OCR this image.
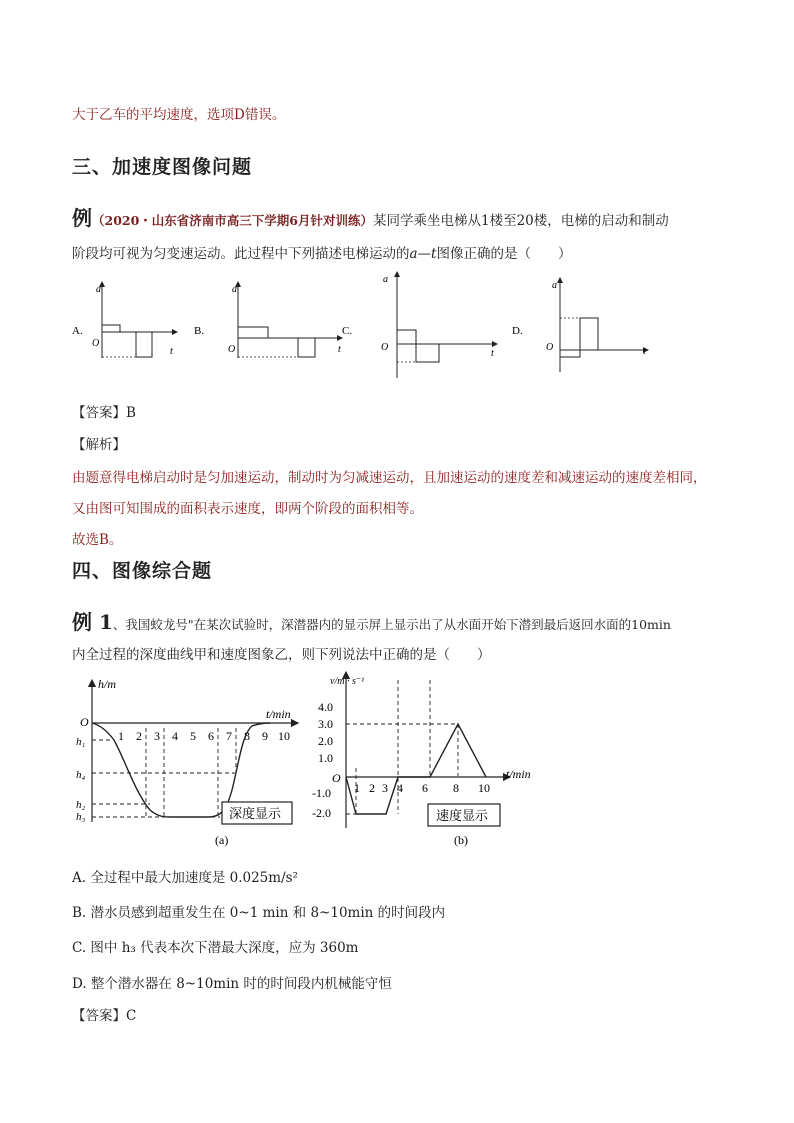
大于乙车的平均速度，选项D错误。
三、加速度图像问题
例（2020・山东省济南市高三下学期6月针对训练）某同学乘坐电梯从1楼至20楼，电梯的启动和制动
阶段均可视为匀变速运动。此过程中下列描述电梯运动的a—t图像正确的是（　　）
A.
a
O
t
B.
a
O	t
C.
a
O
t
D.
a
O	t
【答案】B
【解析】
由题意得电梯启动时是匀加速运动，制动时为匀减速运动，且加速运动的速度差和减速运动的速度差相同，
又由图可知围成的面积表示速度，即两个阶段的面积相等。
故选B。
四、图像综合题
例 1、我国蛟龙号"在某次试验时，深潜器内的显示屏上显示出了从水面开始下潜到最后返回水面的10min
内全过程的深度曲线甲和速度图象乙，则下列说法中正确的是（　　）
h/m
t/min
O
1 2 3 4 5 6 7 8 9 10
h₁
h₄
h₂
h₃	深度显示
(a)
v/m · s⁻¹
t/min
O
4.0
3.0
2.0
1.0
-1.0
-2.0
1 2 3 4 6 8 10
速度显示
(b)
A. 全过程中最大加速度是 0.025m/s²
B. 潜水员感到超重发生在 0~1 min 和 8~10min 的时间段内
C. 图中 h₃ 代表本次下潜最大深度，应为 360m
D. 整个潜水器在 8~10min 时的时间段内机械能守恒
【答案】C
